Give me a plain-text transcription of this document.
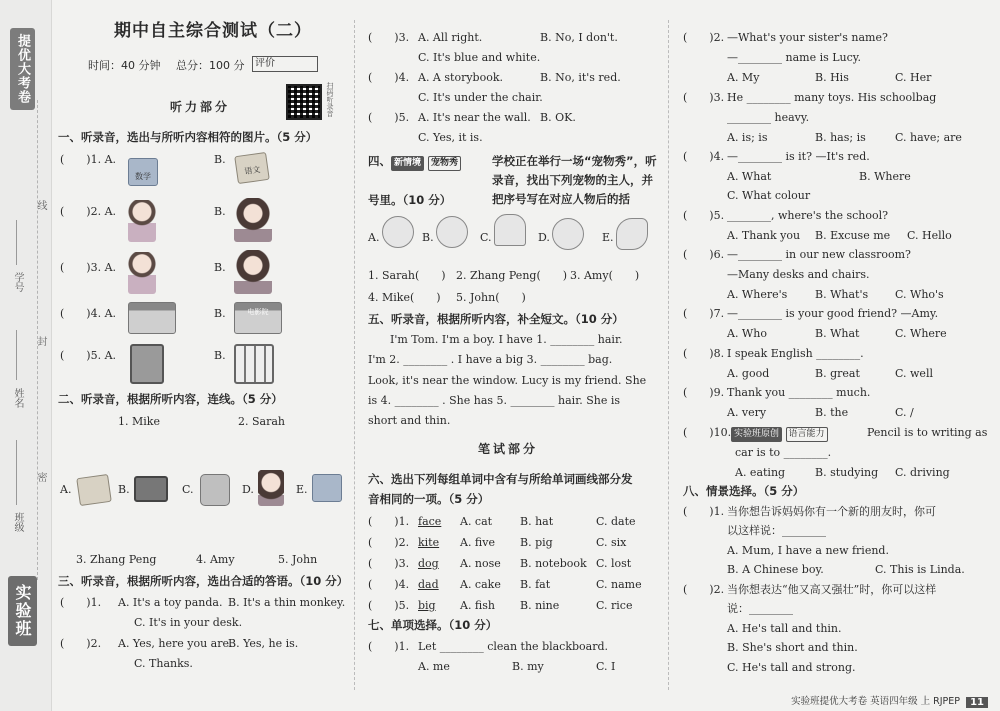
提优大考卷
学号
姓名
班级
线
封
密
实验班
期中自主综合测试（二）
时间：40 分钟 总分：100 分	评价
扫码听录音
听力部分
一、听录音，选出与所听内容相符的图片。（5 分）
(　　)1. A.
数学
B.
语文
(　　)2. A.	B.
(　　)3. A.	B.
(　　)4. A.	B.	电影院
(　　)5. A.	B.
二、听录音，根据所听内容，连线。（5 分）
1. Mike	2. Sarah
A.	B.	C.	D.	E.
3. Zhang Peng	4. Amy	5. John
三、听录音，根据所听内容，选出合适的答语。（10 分）
(　　)1. A. It's a toy panda. B. It's a thin monkey.
C. It's in your desk.
(　　)2. A. Yes, here you are.
B. Yes, he is.
C. Thanks.
(　　)3. A. All right.	B. No, I don't.
C. It's blue and white.
(　　)4. A. A storybook.	B. No, it's red.
C. It's under the chair.
(　　)5. A. It's near the wall. B. OK.
C. Yes, it is.
四、 新情境 宠物秀	学校正在举行一场“宠物秀”，听录音，找出下列宠物的主人，并把序号写在对应人物后的括
号里。（10 分）
A.	B.	C.	D.	E.
1. Sarah(　　) 2. Zhang Peng(　　) 3. Amy(　　)
4. Mike(　　) 5. John(　　)
五、听录音，根据所听内容，补全短文。（10 分）
I'm Tom. I'm a boy. I have 1. ________ hair.
I'm 2. ________ . I have a big 3. ________ bag.
Look, it's near the window. Lucy is my friend. She
is 4. ________ . She has 5. ________ hair. She is
short and thin.
笔试部分
六、选出下列每组单词中含有与所给单词画线部分发
音相同的一项。（5 分）
(　　)1. face A. cat	B. hat	C. date
(　　)2. kite A. five B. pig	C. six
(　　)3. dog A. nose B. notebook C. lost
(　　)4. dad A. cake B. fat	C. name
(　　)5. big A. fish B. nine	C. rice
七、单项选择。（10 分）
(　　)1. Let ________ clean the blackboard.
A. me	B. my	C. I
(　　)2. —What's your sister's name?
—________ name is Lucy.
A. My	B. His	C. Her
(　　)3. He ________ many toys. His schoolbag
________ heavy.
A. is; is	B. has; is	C. have; are
(　　)4. —________ is it? —It's red.
A. What	B. Where
C. What colour
(　　)5. ________, where's the school?
A. Thank you B. Excuse me C. Hello
(　　)6. —________ in our new classroom?
—Many desks and chairs.
A. Where's	B. What's C. Who's
(　　)7. —________ is your good friend? —Amy.
A. Who	B. What	C. Where
(　　)8. I speak English ________.
A. good	B. great	C. well
(　　)9. Thank you ________ much.
A. very	B. the	C. /
(　　)10. 实验班原创 语言能力	Pencil is to writing as
car is to ________.
A. eating	B. studying C. driving
八、情景选择。（5 分）
(　　)1. 当你想告诉妈妈你有一个新的朋友时，你可
以这样说：________
A. Mum, I have a new friend.
B. A Chinese boy.	C. This is Linda.
(　　)2. 当你想表达“他又高又强壮”时，你可以这样
说：________
A. He's tall and thin.
B. She's short and thin.
C. He's tall and strong.
实验班提优大考卷 英语四年级 上 RJPEP	11
